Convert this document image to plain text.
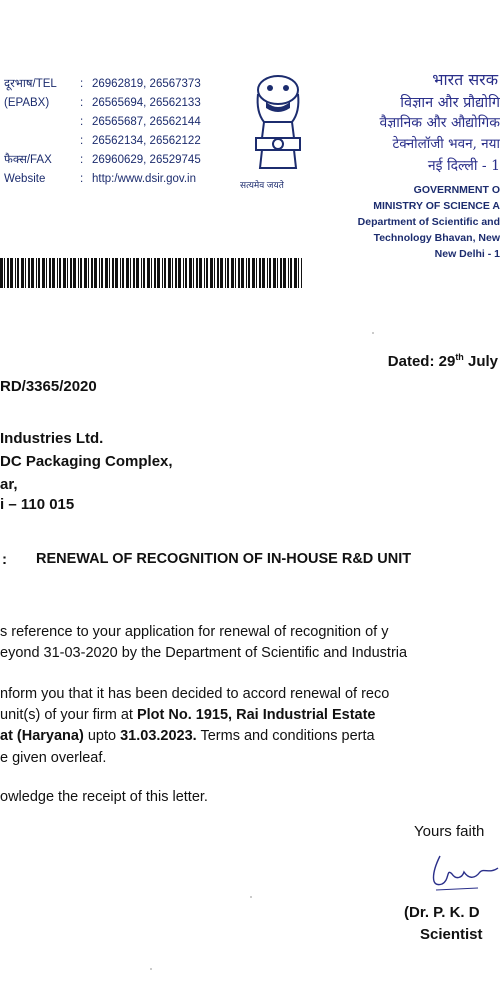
दूरभाष/TEL : 26962819, 26567373
(EPABX)	: 26565694, 26562133
: 26565687, 26562144
: 26562134, 26562122
फैक्स/FAX : 26960629, 26529745
Website	: http:/www.dsir.gov.in	सत्यमेव जयते
भारत सरक
विज्ञान और प्रौद्योगि
वैज्ञानिक और औद्योगिक
टेक्नोलॉजी भवन, नया
नई दिल्ली - 1
GOVERNMENT O
MINISTRY OF SCIENCE A
Department of Scientific and
Technology Bhavan, New
New Delhi - 1
Dated: 29th July
RD/3365/2020
Industries Ltd.
DC Packaging Complex,
ar,
i – 110 015
: RENEWAL OF RECOGNITION OF IN-HOUSE R&D UNIT
s reference to your application for renewal of recognition of y
eyond 31-03-2020 by the Department of Scientific and Industria
nform you that it has been decided to accord renewal of reco
unit(s) of your firm at Plot No. 1915, Rai Industrial Estate
at (Haryana) upto 31.03.2023. Terms and conditions perta
e given overleaf.
owledge the receipt of this letter.
Yours faith
(Dr. P. K. D
Scientist
